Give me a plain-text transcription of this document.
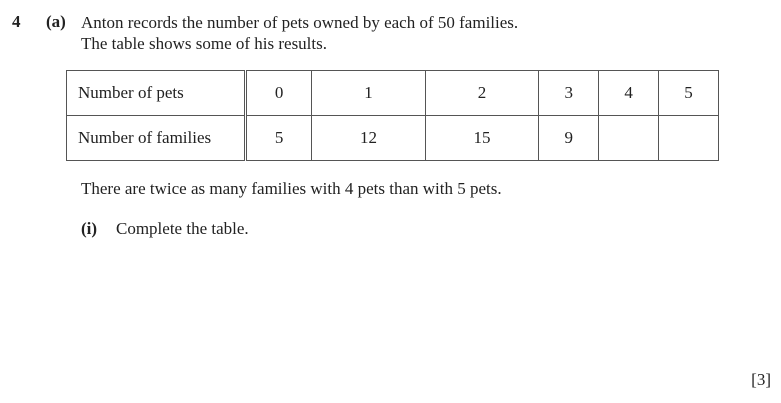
4 (a) Anton records the number of pets owned by each of 50 families.
The table shows some of his results.
Number of pets	0	1	2	3	4	5
Number of families	5	12	15	9		
There are twice as many families with 4 pets than with 5 pets.
(i) Complete the table.
[3]
